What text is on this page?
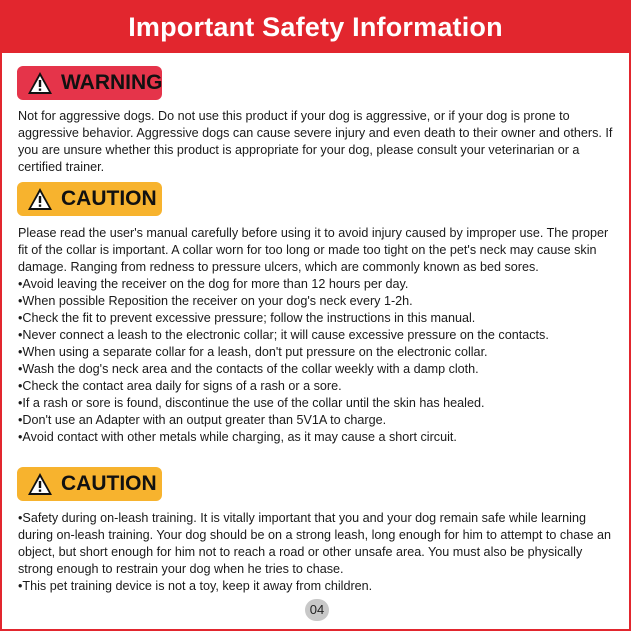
Important Safety Information
WARNING

Not for aggressive dogs. Do not use this product if your dog is aggressive, or if your dog is prone to aggressive behavior. Aggressive dogs can cause severe injury and even death to their owner and others. If you are unsure whether this product is appropriate for your dog, please consult your veterinarian or a certified trainer.

CAUTION

Please read the user's manual carefully before using it to avoid injury caused by improper use. The proper fit of the collar is important. A collar worn for too long or made too tight on the pet's neck may cause skin damage. Ranging from redness to pressure ulcers, which are commonly known as bed sores.

• Avoid leaving the receiver on the dog for more than 12 hours per day.
• When possible Reposition the receiver on your dog's neck every 1-2h.
• Check the fit to prevent excessive pressure; follow the instructions in this manual.
• Never connect a leash to the electronic collar; it will cause excessive pressure on the contacts.
• When using a separate collar for a leash, don't put pressure on the electronic collar.
• Wash the dog's neck area and the contacts of the collar weekly with a damp cloth.
• Check the contact area daily for signs of a rash or a sore.
• If a rash or sore is found, discontinue the use of the collar until the skin has healed.
• Don't use an Adapter with an output greater than 5V1A to charge.
• Avoid contact with other metals while charging, as it may cause a short circuit.
CAUTION
• Safety during on-leash training. It is vitally important that you and your dog remain safe while learning during on-leash training. Your dog should be on a strong leash, long enough for him to attempt to chase an object, but short enough for him not to reach a road or other unsafe area. You must also be physically strong enough to restrain your dog when he tries to chase.
• This pet training device is not a toy, keep it away from children.
04
